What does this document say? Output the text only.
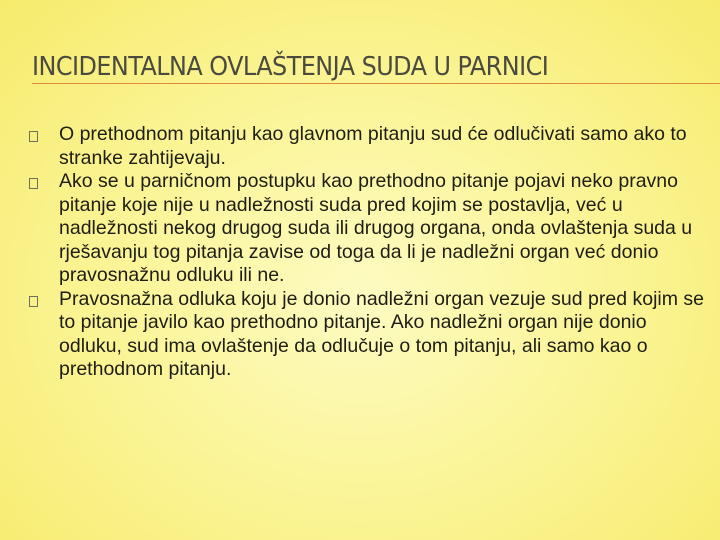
INCIDENTALNA OVLAŠTENJA SUDA U PARNICI
O prethodnom pitanju kao glavnom pitanju sud će odlučivati samo ako to stranke zahtijevaju.
Ako se u parničnom postupku kao prethodno pitanje pojavi neko pravno pitanje koje nije u nadležnosti suda pred kojim se postavlja, već u nadležnosti nekog drugog suda ili drugog organa, onda ovlaštenja suda u rješavanju tog pitanja zavise od toga da li je nadležni organ već donio pravosnažnu odluku ili ne.
Pravosnažna odluka koju je donio nadležni organ vezuje sud pred kojim se to pitanje javilo kao prethodno pitanje. Ako nadležni organ nije donio odluku, sud ima ovlaštenje da odlučuje o tom pitanju, ali samo kao o prethodnom pitanju.
